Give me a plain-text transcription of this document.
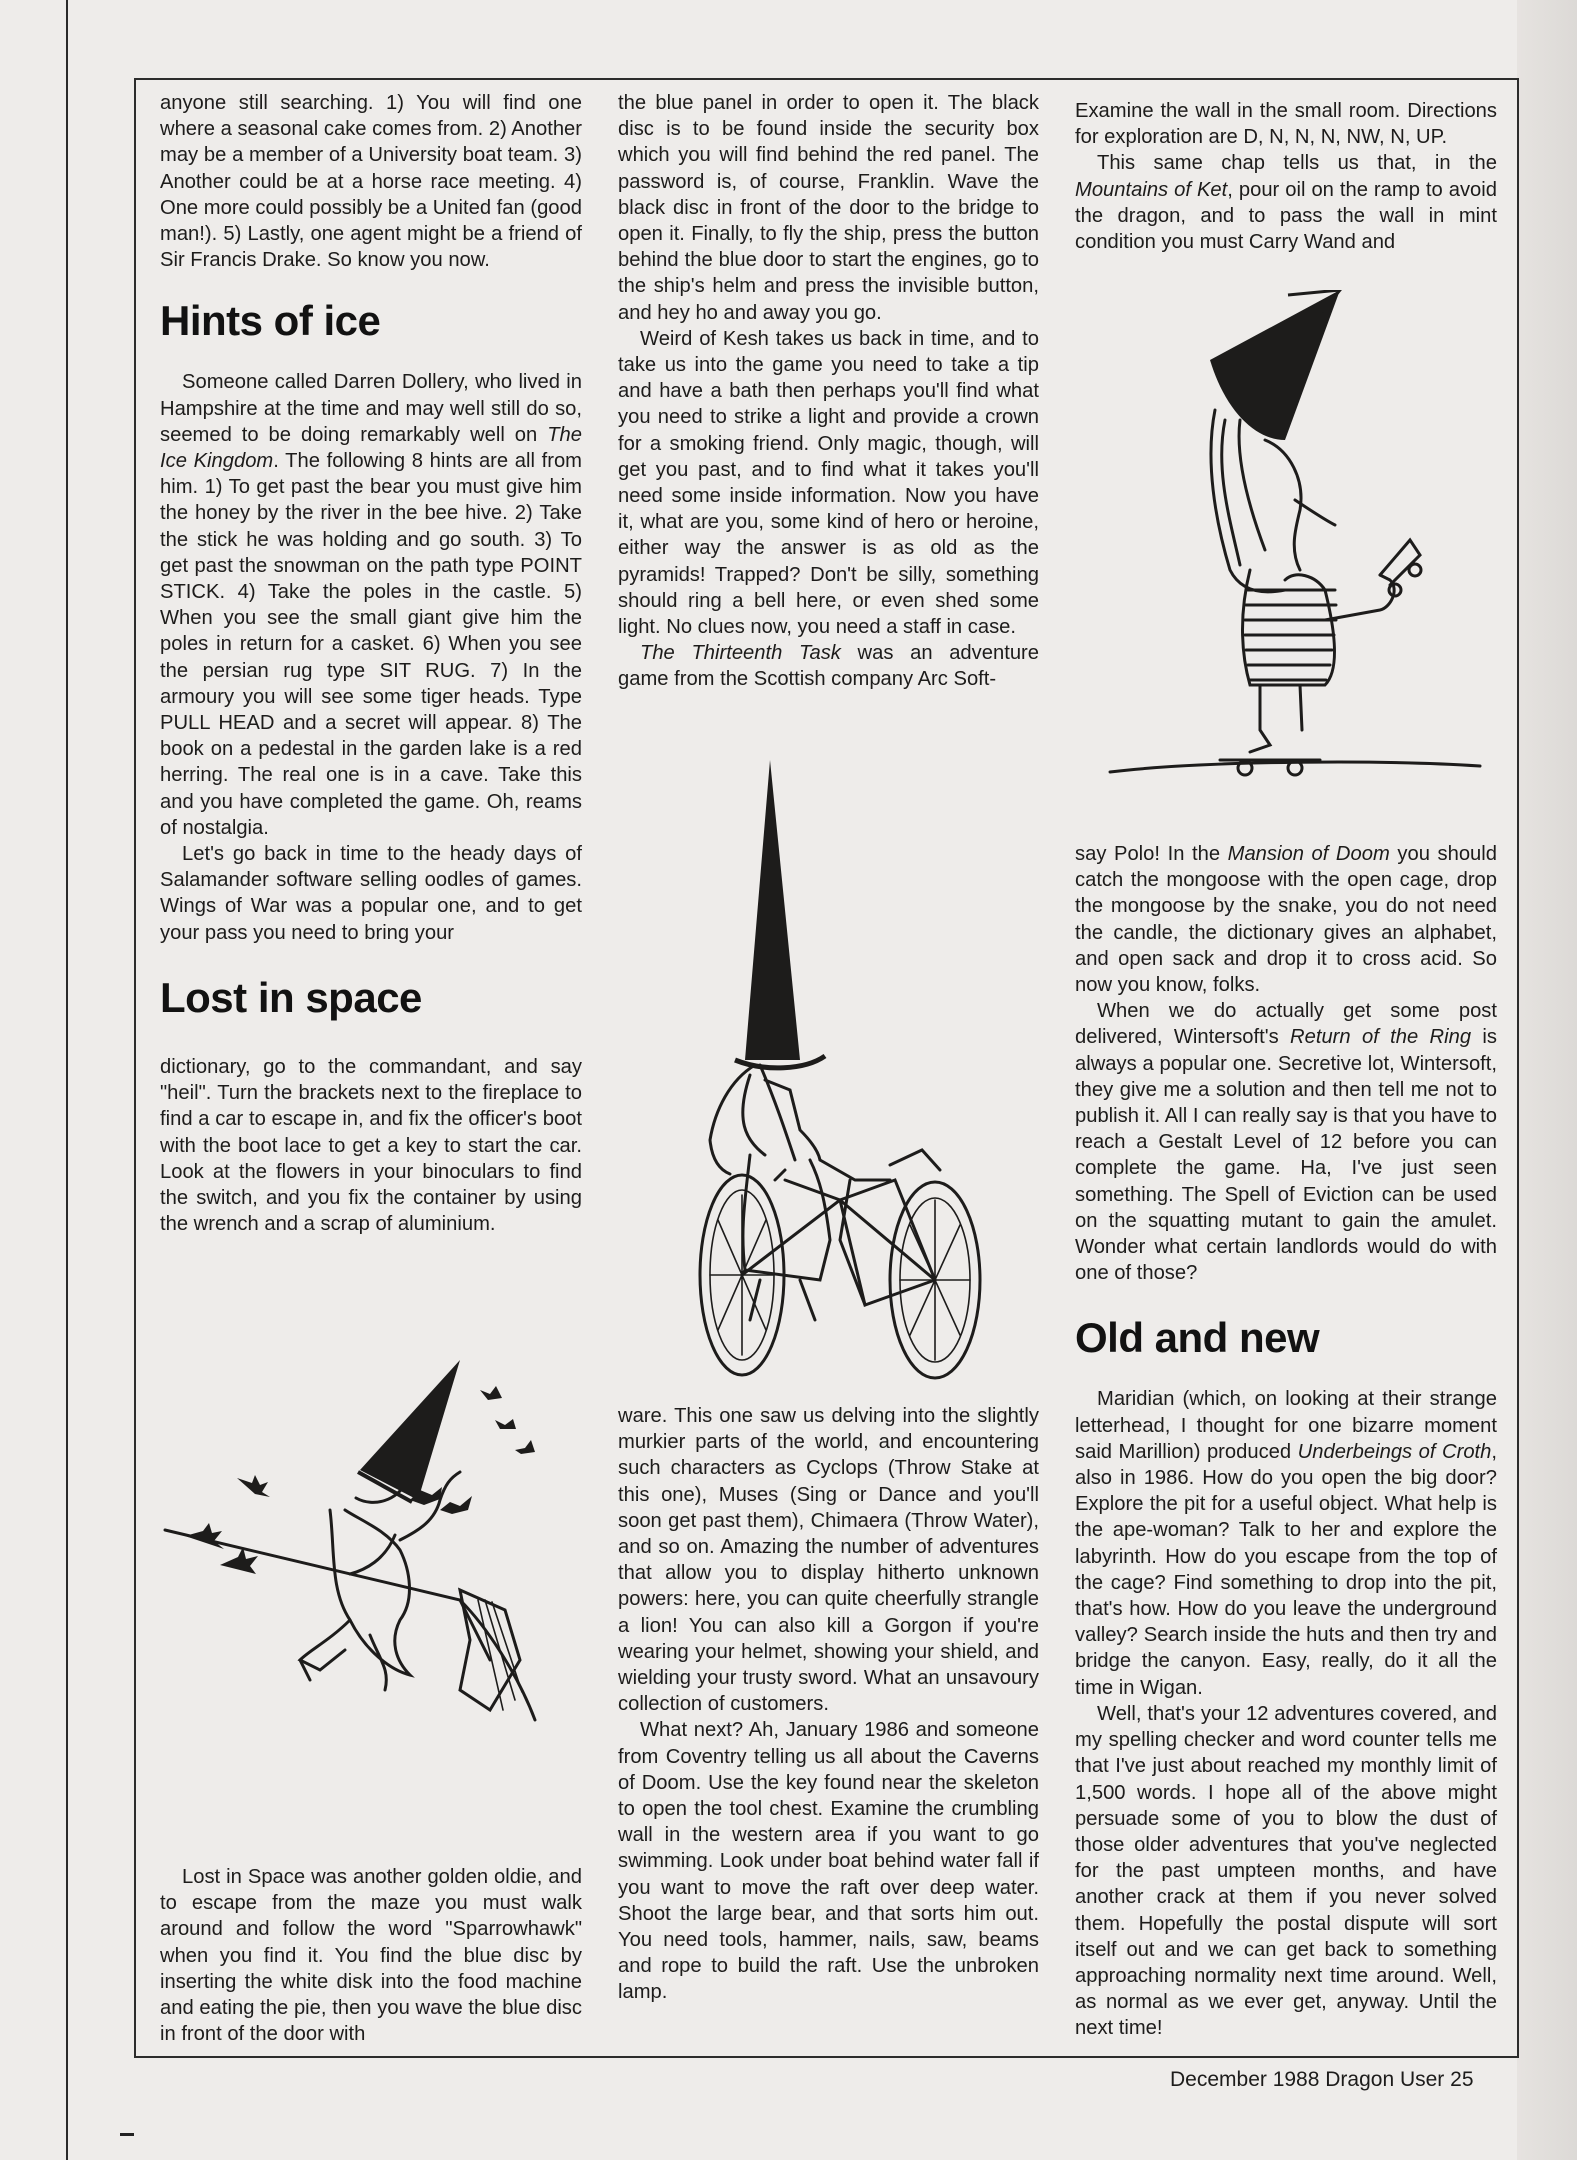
anyone still searching. 1) You will find one where a seasonal cake comes from. 2) Another may be a member of a University boat team. 3) Another could be at a horse race meeting. 4) One more could possibly be a United fan (good man!). 5) Lastly, one agent might be a friend of Sir Francis Drake. So know you now.

Hints of ice

Someone called Darren Dollery, who lived in Hampshire at the time and may well still do so, seemed to be doing remarkably well on The Ice Kingdom. The following 8 hints are all from him. 1) To get past the bear you must give him the honey by the river in the bee hive. 2) Take the stick he was holding and go south. 3) To get past the snowman on the path type POINT STICK. 4) Take the poles in the castle. 5) When you see the small giant give him the poles in return for a casket. 6) When you see the persian rug type SIT RUG. 7) In the armoury you will see some tiger heads. Type PULL HEAD and a secret will appear. 8) The book on a pedestal in the garden lake is a red herring. The real one is in a cave. Take this and you have completed the game. Oh, reams of nostalgia.

Let's go back in time to the heady days of Salamander software selling oodles of games. Wings of War was a popular one, and to get your pass you need to bring your

Lost in space

dictionary, go to the commandant, and say "heil". Turn the brackets next to the fireplace to find a car to escape in, and fix the officer's boot with the boot lace to get a key to start the car. Look at the flowers in your binoculars to find the switch, and you fix the container by using the wrench and a scrap of aluminium.

Lost in Space was another golden oldie, and to escape from the maze you must walk around and follow the word "Sparrowhawk" when you find it. You find the blue disc by inserting the white disk into the food machine and eating the pie, then you wave the blue disc in front of the door with

the blue panel in order to open it. The black disc is to be found inside the security box which you will find behind the red panel. The password is, of course, Franklin. Wave the black disc in front of the door to the bridge to open it. Finally, to fly the ship, press the button behind the blue door to start the engines, go to the ship's helm and press the invisible button, and hey ho and away you go.

Weird of Kesh takes us back in time, and to take us into the game you need to take a tip and have a bath then perhaps you'll find what you need to strike a light and provide a crown for a smoking friend. Only magic, though, will get you past, and to find what it takes you'll need some inside information. Now you have it, what are you, some kind of hero or heroine, either way the answer is as old as the pyramids! Trapped? Don't be silly, something should ring a bell here, or even shed some light. No clues now, you need a staff in case.

The Thirteenth Task was an adventure game from the Scottish company Arc Soft-

ware. This one saw us delving into the slightly murkier parts of the world, and encountering such characters as Cyclops (Throw Stake at this one), Muses (Sing or Dance and you'll soon get past them), Chimaera (Throw Water), and so on. Amazing the number of adventures that allow you to display hitherto unknown powers: here, you can quite cheerfully strangle a lion! You can also kill a Gorgon if you're wearing your helmet, showing your shield, and wielding your trusty sword. What an unsavoury collection of customers.

What next? Ah, January 1986 and someone from Coventry telling us all about the Caverns of Doom. Use the key found near the skeleton to open the tool chest. Examine the crumbling wall in the western area if you want to go swimming. Look under boat behind water fall if you want to move the raft over deep water. Shoot the large bear, and that sorts him out. You need tools, hammer, nails, saw, beams and rope to build the raft. Use the unbroken lamp.

Examine the wall in the small room. Directions for exploration are D, N, N, N, NW, N, UP.

This same chap tells us that, in the Mountains of Ket, pour oil on the ramp to avoid the dragon, and to pass the wall in mint condition you must Carry Wand and

say Polo! In the Mansion of Doom you should catch the mongoose with the open cage, drop the mongoose by the snake, you do not need the candle, the dictionary gives an alphabet, and open sack and drop it to cross acid. So now you know, folks.

When we do actually get some post delivered, Wintersoft's Return of the Ring is always a popular one. Secretive lot, Wintersoft, they give me a solution and then tell me not to publish it. All I can really say is that you have to reach a Gestalt Level of 12 before you can complete the game. Ha, I've just seen something. The Spell of Eviction can be used on the squatting mutant to gain the amulet. Wonder what certain landlords would do with one of those?

Old and new

Maridian (which, on looking at their strange letterhead, I thought for one bizarre moment said Marillion) produced Underbeings of Croth, also in 1986. How do you open the big door? Explore the pit for a useful object. What help is the ape-woman? Talk to her and explore the labyrinth. How do you escape from the top of the cage? Find something to drop into the pit, that's how. How do you leave the underground valley? Search inside the huts and then try and bridge the canyon. Easy, really, do it all the time in Wigan.

Well, that's your 12 adventures covered, and my spelling checker and word counter tells me that I've just about reached my monthly limit of 1,500 words. I hope all of the above might persuade some of you to blow the dust of those older adventures that you've neglected for the past umpteen months, and have another crack at them if you never solved them. Hopefully the postal dispute will sort itself out and we can get back to something approaching normality next time around. Well, as normal as we ever get, anyway. Until the next time!

December 1988 Dragon User 25
